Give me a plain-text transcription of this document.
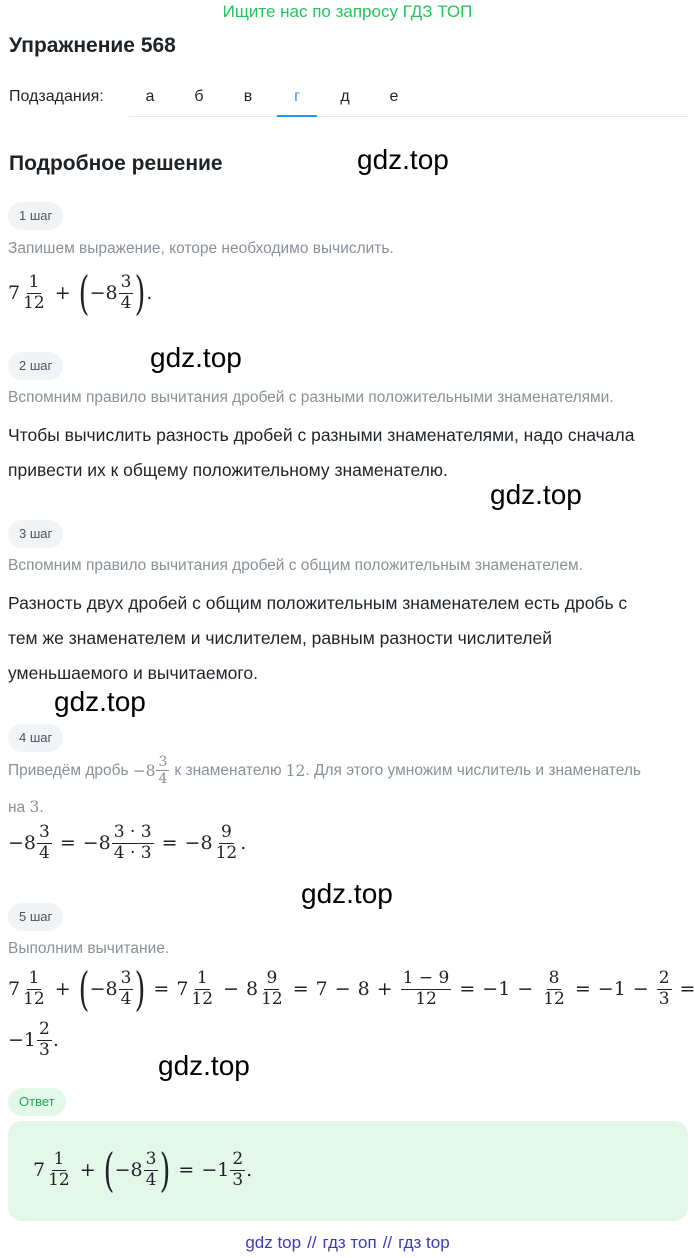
Ищите нас по запросу ГДЗ ТОП
Упражнение 568
Подзадания:	а	б	в	г	д	е
Подробное решение	gdz.top
1 шаг
Запишем выражение, которе необходимо вычислить.
$7 \frac{1}{12}$ + ( $-8 \frac{3}{4}$ ) .
gdz.top
2 шаг
Вспомним правило вычитания дробей с разными положительными знаменателями.
Чтобы вычислить разность дробей с разными знаменателями, надо сначала
привести их к общему положительному знаменателю.
gdz.top
3 шаг
Вспомним правило вычитания дробей с общим положительным знаменателем.
Разность двух дробей с общим положительным знаменателем есть дробь с
тем же знаменателем и числителем, равным разности числителей
уменьшаемого и вычитаемого.
gdz.top
4 шаг
Приведём дробь $-8 \frac{3}{4}$ к знаменателю 12 . Для этого умножим числитель и знаменатель
на 3.
$-8 \frac{3}{4} = -8 \frac{3 \cdot 3}{4 \cdot 3} = -8 \frac{9}{12}$ .
gdz.top
5 шаг
Выполним вычитание.
$7 \frac{1}{12}$ + ( $-8 \frac{3}{4}$ ) = $7 \frac{1}{12} - 8 \frac{9}{12} = 7 - 8 + \frac{1 - 9}{12} = -1 - \frac{8}{12} = -1 - \frac{2}{3}$ =
$-1 \frac{2}{3}$ .
gdz.top
Ответ
$7 \frac{1}{12}$ + ( $-8 \frac{3}{4}$ ) = $-1 \frac{2}{3}$ .
gdz top // гдз топ // гдз top
